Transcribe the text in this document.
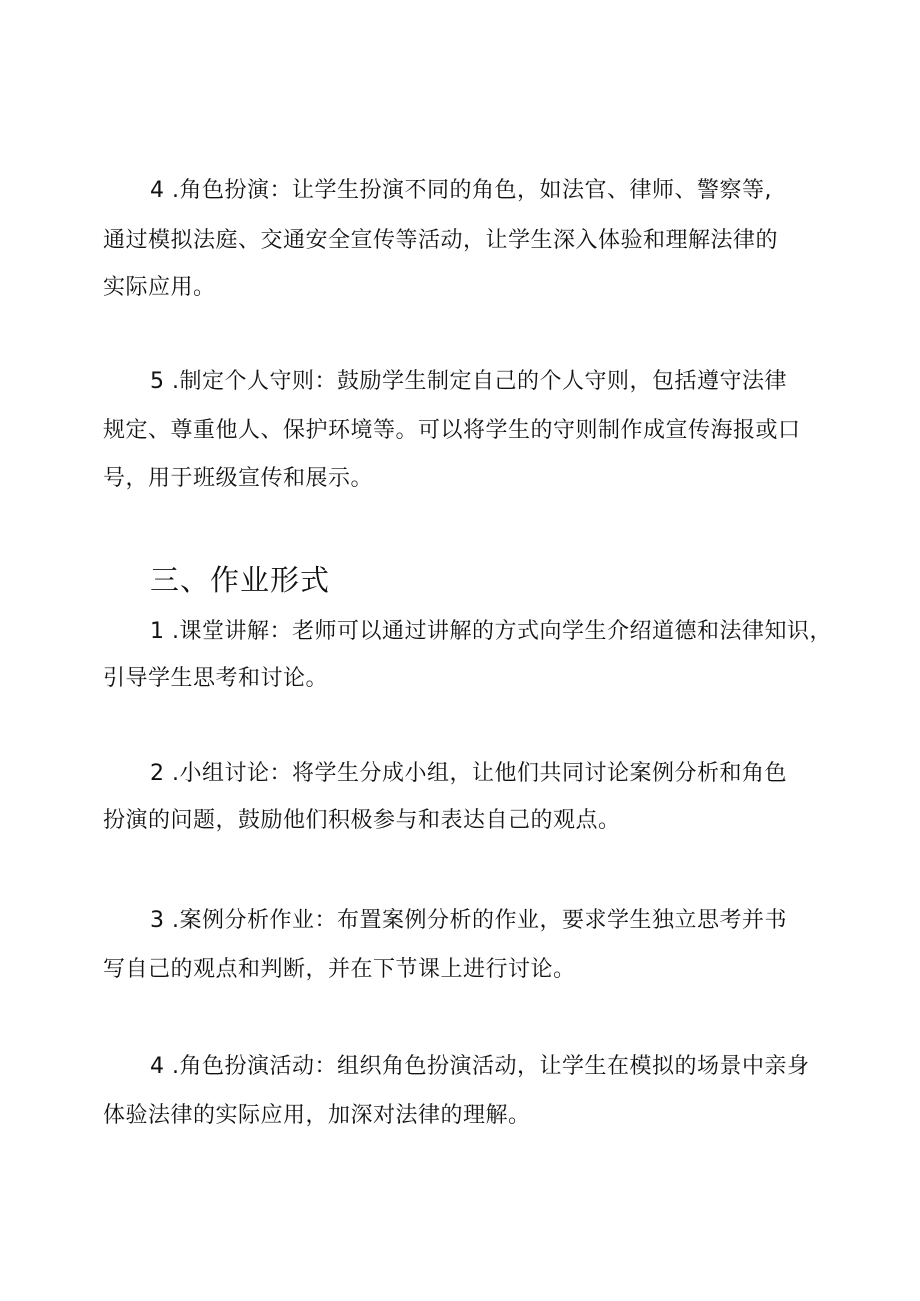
4 .角色扮演：让学生扮演不同的角色，如法官、律师、警察等,
通过模拟法庭、交通安全宣传等活动，让学生深入体验和理解法律的
实际应用。
5 .制定个人守则：鼓励学生制定自己的个人守则，包括遵守法律
规定、尊重他人、保护环境等。可以将学生的守则制作成宣传海报或口
号，用于班级宣传和展示。
三、作业形式
1 .课堂讲解：老师可以通过讲解的方式向学生介绍道德和法律知识，
引导学生思考和讨论。
2 .小组讨论：将学生分成小组，让他们共同讨论案例分析和角色
扮演的问题，鼓励他们积极参与和表达自己的观点。
3 .案例分析作业：布置案例分析的作业，要求学生独立思考并书
写自己的观点和判断，并在下节课上进行讨论。
4 .角色扮演活动：组织角色扮演活动，让学生在模拟的场景中亲身
体验法律的实际应用，加深对法律的理解。
